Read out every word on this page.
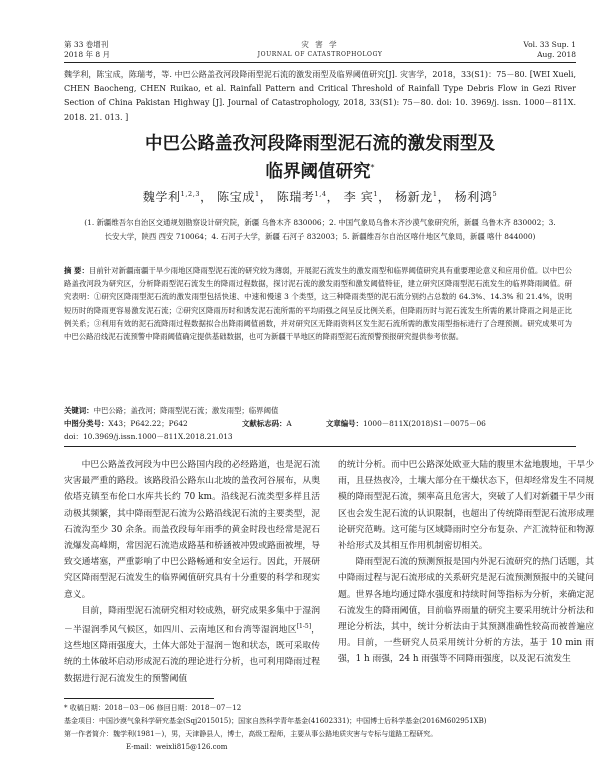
第 33 卷增刊
2018 年 8 月
灾 害 学
JOURNAL OF CATASTROPHOLOGY
Vol. 33 Sup. 1
Aug. 2018
魏学利，陈宝成，陈瑞考，等. 中巴公路盖孜河段降雨型泥石流的激发雨型及临界阈值研究[J]. 灾害学，2018，33(S1)：75－80. [WEI Xueli, CHEN Baocheng, CHEN Ruikao, et al. Rainfall Pattern and Critical Threshold of Rainfall Type Debris Flow in Gezi River Section of China Pakistan Highway [J]. Journal of Catastrophology, 2018, 33(S1): 75－80. doi: 10. 3969/j. issn. 1000－811X. 2018. 21. 013. ]
中巴公路盖孜河段降雨型泥石流的激发雨型及
临界阈值研究*
魏学利$^{1,2,3}$， 陈宝成$^1$， 陈瑞考$^{1,4}$， 李 宾$^1$， 杨新龙$^1$， 杨利鸿$^5$
(1. 新疆维吾尔自治区交通规划勘察设计研究院，新疆 乌鲁木齐 830006；2. 中国气象局乌鲁木齐沙漠气象研究所，新疆 乌鲁木齐 830002；3. 长安大学，陕西 西安 710064；4. 石河子大学，新疆 石河子 832003；5. 新疆维吾尔自治区喀什地区气象局，新疆 喀什 844000)
摘 要：目前针对新疆南疆干旱少雨地区降雨型泥石流的研究较为薄弱，开展泥石流发生的激发雨型和临界阈值研究具有重要理论意义和应用价值。以中巴公路盖孜河段为研究区，分析降雨型泥石流发生的降雨过程数据，探讨泥石流的激发雨型和激发阈值特征，建立研究区降雨型泥石流发生的临界降雨阈值。研究表明：①研究区降雨型泥石流的激发雨型包括快速、中速和慢速 3 个类型，这三种降雨类型的泥石流分别约占总数的 64.3%、14.3% 和 21.4%，说明短历时的降雨更容易激发泥石流；②研究区降雨历时和诱发泥石流所需的平均雨强之间呈反比例关系，但降雨历时与泥石流发生所需的累计降雨之间是正比例关系；③利用有效的泥石流降雨过程数据拟合出降雨阈值函数，并对研究区无降雨资料区发生泥石流所需的激发雨型指标进行了合理预测。研究成果可为中巴公路沿线泥石流预警中降雨阈值确定提供基础数据，也可为新疆干旱地区的降雨型泥石流预警预报研究提供参考依据。
关键词：中巴公路；盖孜河；降雨型泥石流；激发雨型；临界阈值
中图分类号：X43；P642.22；P642	文献标志码：A	文章编号：1000－811X(2018)S1－0075－06
doi：10.3969/j.issn.1000－811X.2018.21.013

中巴公路盖孜河段为中巴公路国内段的必经路道，也是泥石流灾害最严重的路段。该路段沿公路东山北坡的盖孜河谷展布，从奥依塔克镇至布伦口水库共长约 70 km。沿线泥石流类型多样且活动极其频繁，其中降雨型泥石流为公路沿线泥石流的主要类型，泥石流沟至少 30 余条。而盖孜段每年雨季的黄金时段也经常是泥石流爆发高峰期，常因泥石流造成路基和桥涵被冲毁或路面被埋，导致交通堵塞，严重影响了中巴公路畅通和安全运行。因此，开展研究区降雨型泥石流发生的临界阈值研究具有十分重要的科学和现实意义。

目前，降雨型泥石流研究相对较成熟，研究成果多集中于湿润－半湿润季风气候区，如四川、云南地区和台湾等湿润地区[1-5]，这些地区降雨强度大，土体大部处于湿润－饱和状态，既可采取传统的土体破坏启动形成泥石流的理论进行分析，也可利用降雨过程数据进行泥石流发生的预警阈值

的统计分析。而中巴公路深处欧亚大陆的腹里木盆地腹地，干旱少雨，且昼热夜冷，土壤大部分在干燥状态下，但却经常发生不同规模的降雨型泥石流，频率高且危害大，突破了人们对新疆干旱少雨区也会发生泥石流的认识限制，也超出了传统降雨型泥石流形成理论研究范畴。这可能与区域降雨时空分布复杂、产汇流特征和物源补给形式及其相互作用机制密切相关。

降雨型泥石流的预测预报是国内外泥石流研究的热门话题，其中降雨过程与泥石流形成的关系研究是泥石流预测预报中的关键问题。世界各地均通过降水强度和持续时间等指标为分析，来确定泥石流发生的降雨阈值，目前临界雨量的研究主要采用统计分析法和理论分析法，其中，统计分析法由于其预测准确性较高而被普遍应用。目前，一些研究人员采用统计分析的方法，基于 10 min 雨强，1 h 雨强，24 h 雨强等不同降雨强度，以及泥石流发生

* 收稿日期：2018－03－06 修回日期：2018－07－12
基金项目：中国沙漠气象科学研究基金(Sqj2015015)；国家自然科学青年基金(41602331)；中国博士后科学基金(2016M602951XB)
第一作者简介：魏学利(1981－)，男，天津静县人，博士，高级工程师，主要从事公路地质灾害与专标与道路工程研究。
E-mail：weixli815@126.com
